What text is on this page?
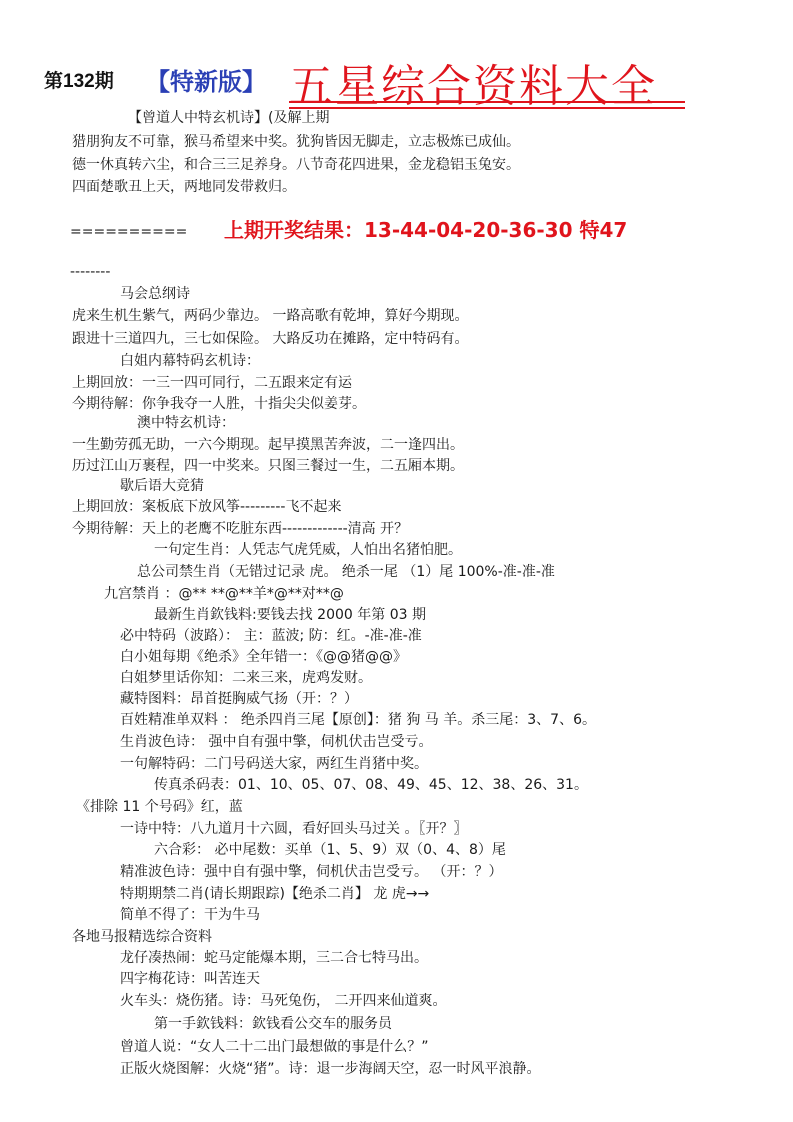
第132期 【特新版】 五星综合资料大全
【曾道人中特玄机诗】(及解上期
猎朋狗友不可靠，猴马希望来中奖。犹狗皆因无脚走，立志极炼已成仙。
德一休真转六尘，和合三三足养身。八节奇花四进果，金龙稳铝玉兔安。
四面楚歌丑上天，两地同发带救归。
========== 上期开奖结果：13-44-04-20-36-30 特47
--------
马会总纲诗
虎来生机生紫气，两码少靠边。 一路高歌有乾坤，算好今期现。
跟进十三道四九，三七如保险。 大路反功在摊路，定中特码有。
白姐内幕特码玄机诗：
上期回放：一三一四可同行，二五跟来定有运
今期待解：你争我夺一人胜，十指尖尖似姜芽。
澳中特玄机诗：
一生勤劳孤无助，一六今期现。起早摸黑苦奔波，二一逢四出。
历过江山万裹程，四一中奖来。只图三餐过一生，二五厢本期。
歇后语大竞猜
上期回放：案板底下放风筝---------飞不起来
今期待解：天上的老鹰不吃脏东西-------------清高 开？
一句定生肖：人凭志气虎凭威，人怕出名猪怕肥。
总公司禁生肖（无错过记录 虎。 绝杀一尾 （1）尾 100%-准-准-准
九宫禁肖 ：@** **@**羊*@**对**@
最新生肖欽钱料:要钱去找 2000 年第 03 期
必中特码（波路）： 主：蓝波; 防：红。-准-准-准
白小姐每期《绝杀》全年错一：《@@猪@@》
白姐梦里话你知：二来三来，虎鸡发财。
藏特图料：昂首挺胸威气扬（开：？）
百姓精准单双料 ： 绝杀四肖三尾【原创】：猪 狗 马 羊。杀三尾：3、7、6。
生肖波色诗： 强中自有强中擎，伺机伏击岂受亏。
一句解特码：二门号码送大家，两红生肖猪中奖。
传真杀码表：01、10、05、07、08、49、45、12、38、26、31。
《排除 11 个号码》红，蓝
一诗中特：八九道月十六圆，看好回头马过关 。〖开？〗
六合彩： 必中尾数：买单（1、5、9）双（0、4、8）尾
精准波色诗：强中自有强中擎，伺机伏击岂受亏。 （开：？）
特期期禁二肖(请长期跟踪)【绝杀二肖】 龙 虎→→
简单不得了：干为牛马
各地马报精选综合资料
龙仔凑热闹：蛇马定能爆本期，三二合七特马出。
四字梅花诗：叫苦连天
火车头：烧伤猪。诗：马死兔伤， 二开四来仙道爽。
第一手欽钱料：欽钱看公交车的服务员
曾道人说：“女人二十二出门最想做的事是什么？”
正版火烧图解：火烧“猪”。诗：退一步海阔天空，忍一时风平浪静。
